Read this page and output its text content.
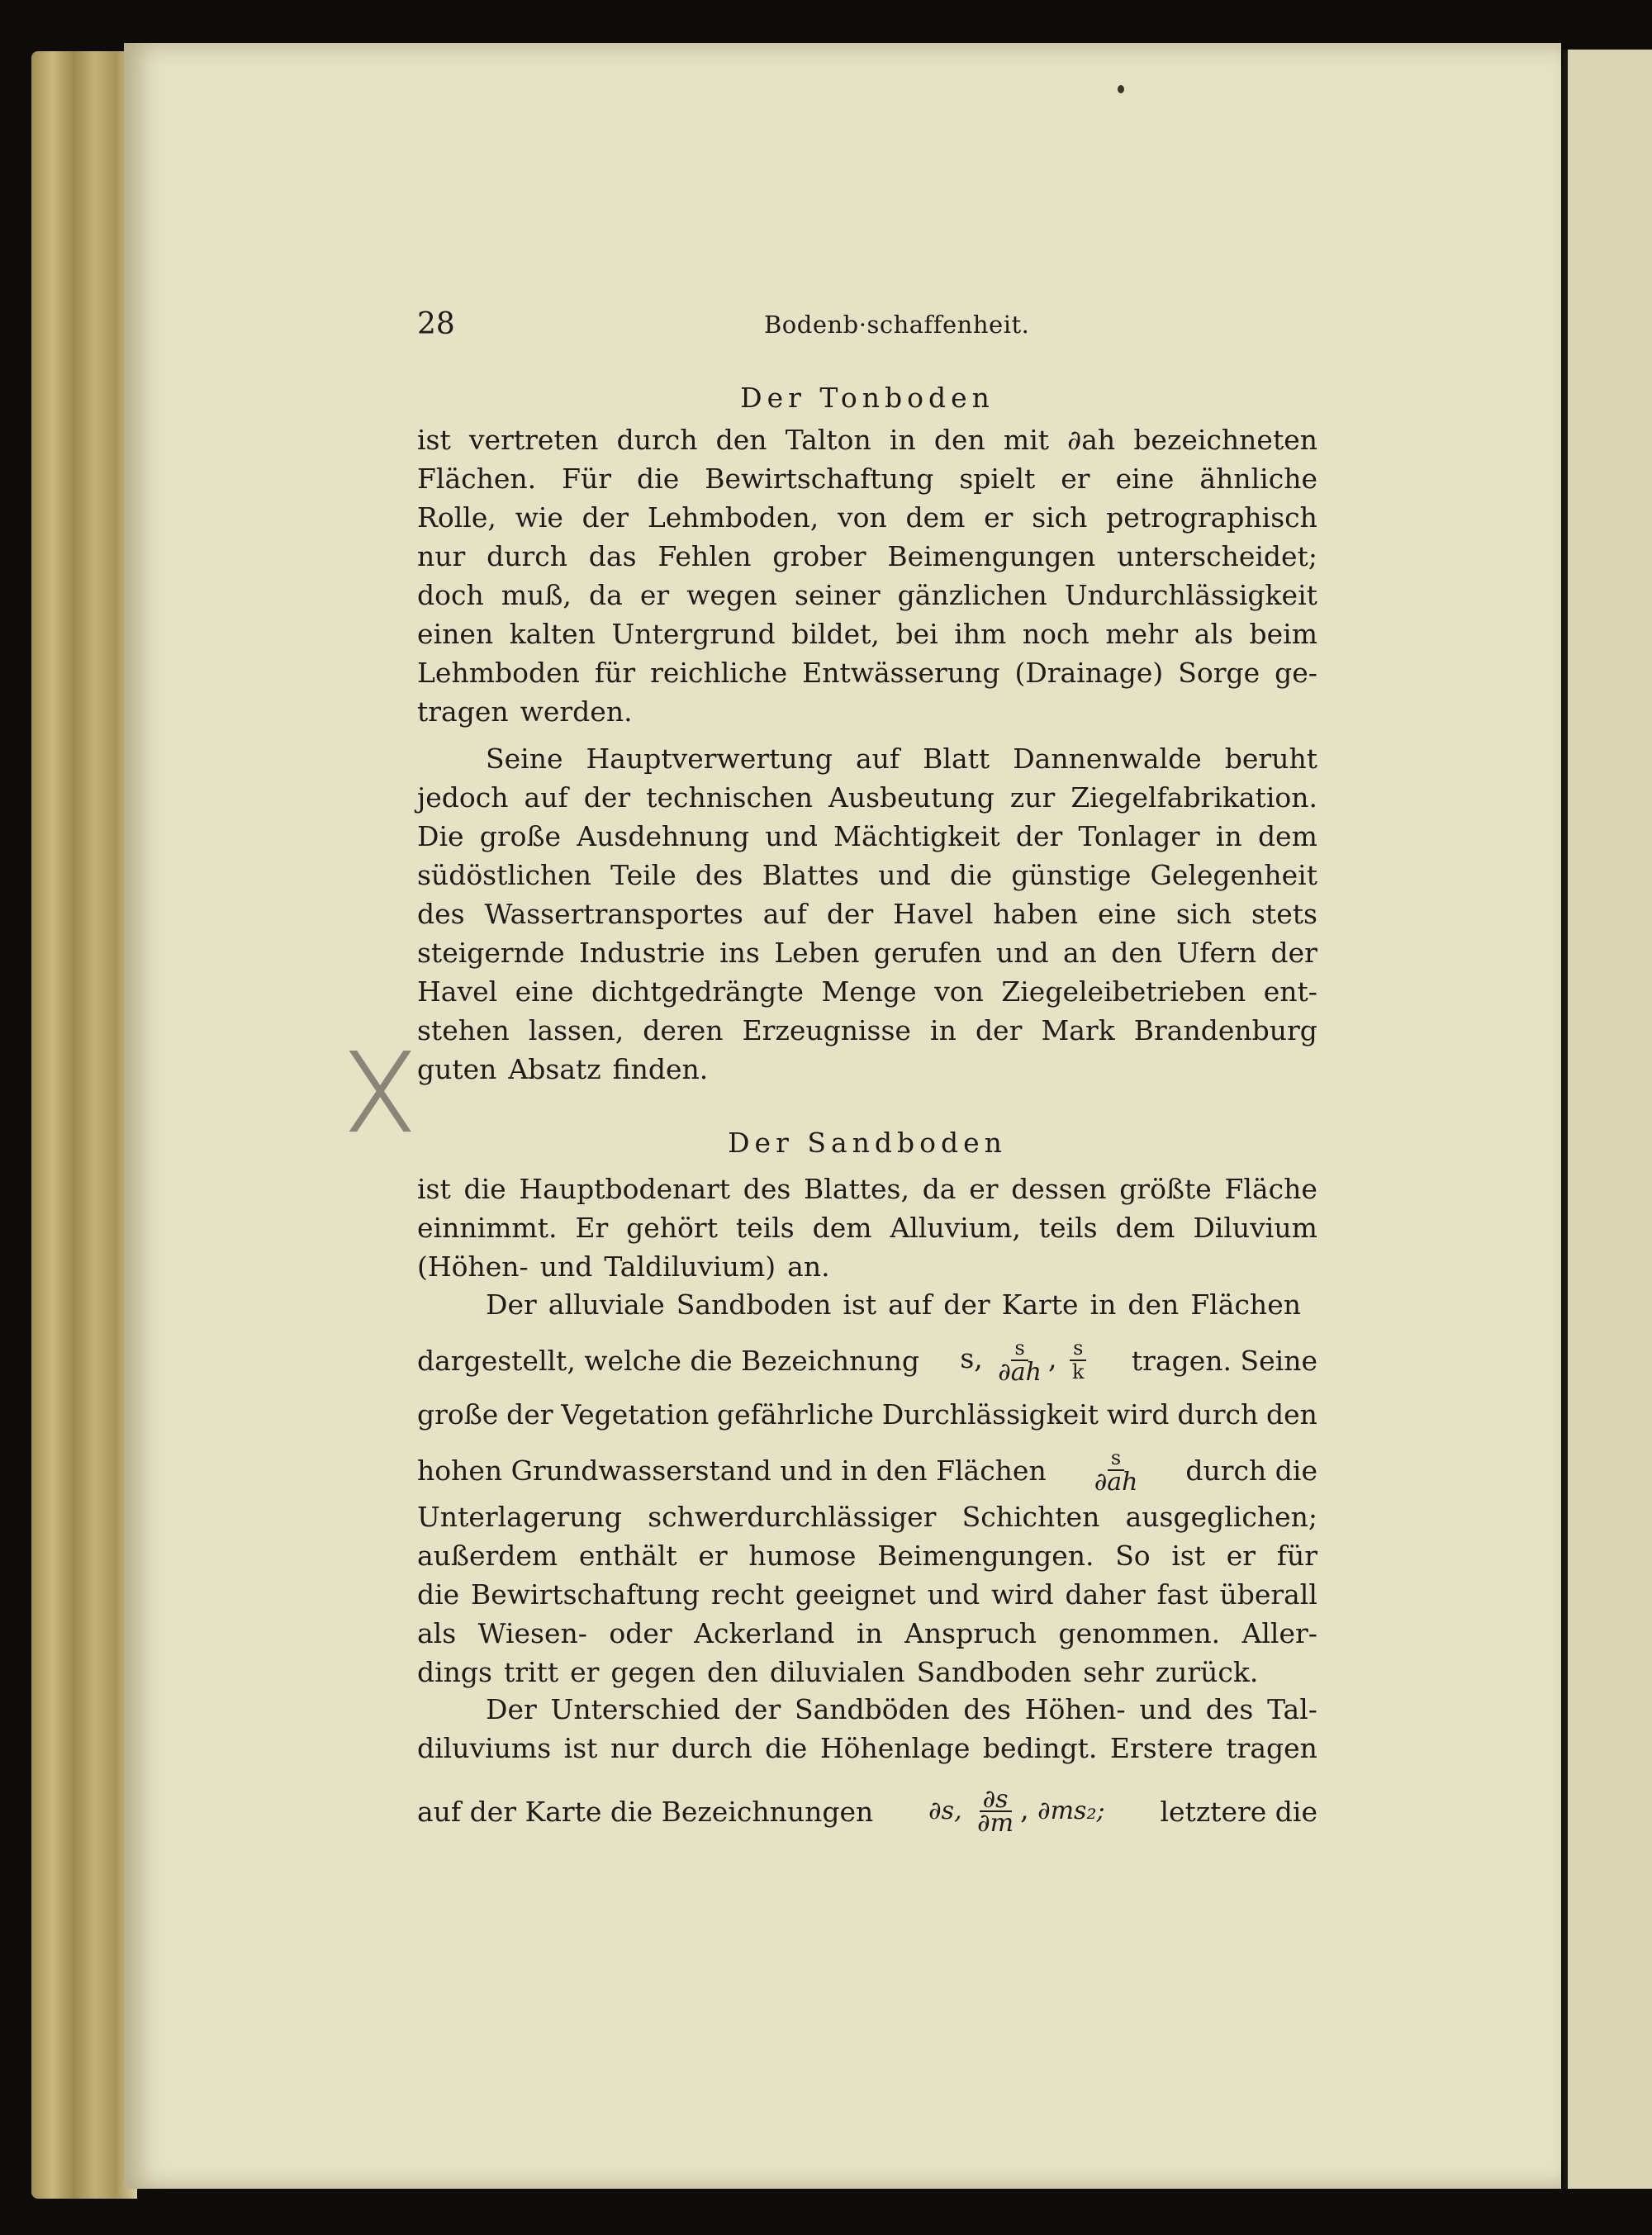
28	Bodenb·schaffenheit.
Der Tonboden
ist vertreten durch den Talton in den mit ∂ah bezeichneten
Flächen. Für die Bewirtschaftung spielt er eine ähnliche
Rolle, wie der Lehmboden, von dem er sich petrographisch
nur durch das Fehlen grober Beimengungen unterscheidet;
doch muß, da er wegen seiner gänzlichen Undurchlässigkeit
einen kalten Untergrund bildet, bei ihm noch mehr als beim
Lehmboden für reichliche Entwässerung (Drainage) Sorge ge-
tragen werden.
Seine Hauptverwertung auf Blatt Dannenwalde beruht
jedoch auf der technischen Ausbeutung zur Ziegelfabrikation.
Die große Ausdehnung und Mächtigkeit der Tonlager in dem
südöstlichen Teile des Blattes und die günstige Gelegenheit
des Wassertransportes auf der Havel haben eine sich stets
steigernde Industrie ins Leben gerufen und an den Ufern der
Havel eine dichtgedrängte Menge von Ziegeleibetrieben ent-
stehen lassen, deren Erzeugnisse in der Mark Brandenburg
guten Absatz finden.
Der Sandboden
ist die Hauptbodenart des Blattes, da er dessen größte Fläche
einnimmt. Er gehört teils dem Alluvium, teils dem Diluvium
(Höhen- und Taldiluvium) an.
Der alluviale Sandboden ist auf der Karte in den Flächen
dargestellt, welche die Bezeichnung s, $\frac{s}{\partial ah}$ , $\frac{s}{k}$ tragen. Seine
große der Vegetation gefährliche Durchlässigkeit wird durch den
hohen Grundwasserstand und in den Flächen $\frac{s}{\partial ah}$ durch die
Unterlagerung schwerdurchlässiger Schichten ausgeglichen;
außerdem enthält er humose Beimengungen. So ist er für
die Bewirtschaftung recht geeignet und wird daher fast überall
als Wiesen- oder Ackerland in Anspruch genommen. Aller-
dings tritt er gegen den diluvialen Sandboden sehr zurück.
Der Unterschied der Sandböden des Höhen- und des Tal-
diluviums ist nur durch die Höhenlage bedingt. Erstere tragen
auf der Karte die Bezeichnungen ∂s, $\frac{\partial s}{\partial m}$ , ∂ms₂; letztere die
╳
